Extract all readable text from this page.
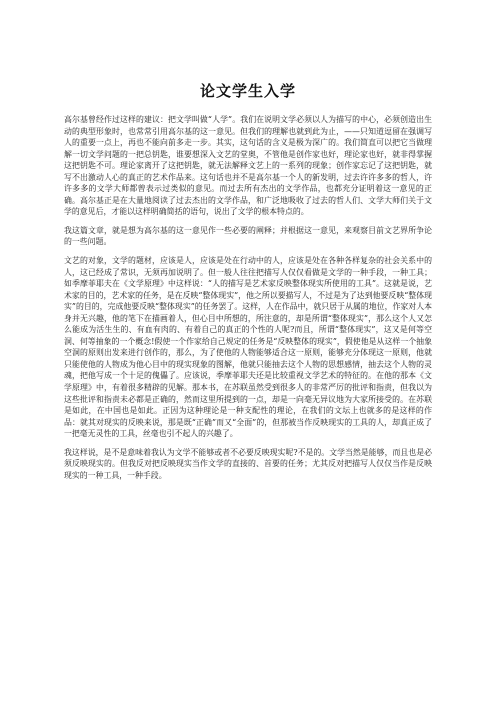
论文学生入学

高尔基曾经作过这样的建议：把文学叫做“人学”。我们在说明文学必须以人为描写的中心，必须创造出生动的典型形象时，也常常引用高尔基的这一意见。但我们的理解也就到此为止，——只知道逗留在强调写人的重要一点上，再也不能向前多走一步。其实，这句话的含义是极为深广的。我们简直可以把它当做理解一切文学问题的一把总钥匙，谁要想深入文艺的堂奥，不管他是创作家也好，理论家也好，就非得掌握这把钥匙不可。理论家离开了这把钥匙，就无法解释文艺上的一系列的现象；创作家忘记了这把钥匙，就写不出激动人心的真正的艺术作品来。这句话也并不是高尔基一个人的新发明，过去许许多多的哲人，许许多多的文学大师都曾表示过类似的意见。而过去所有杰出的文学作品，也都充分证明着这一意见的正确。高尔基正是在大量地阅读了过去杰出的文学作品，和广泛地吸收了过去的哲人们、文学大师们关于文学的意见后，才能以这样明确简括的语句，说出了文学的根本特点的。

我这篇文章，就是想为高尔基的这一意见作一些必要的阐释；并根据这一意见，来观察目前文艺界所争论的一些问题。

文艺的对象，文学的题材，应该是人，应该是处在行动中的人，应该是处在各种各样复杂的社会关系中的人，这已经成了常识，无须再加说明了。但一般人往往把描写人仅仅看做是文学的一种手段，一种工具；如季摩菲耶夫在《文学原理》中这样说：“人的描写是艺术家反映整体现实所使用的工具”。这就是说，艺术家的目的，艺术家的任务，是在反映“整体现实”，他之所以要描写人，不过是为了达到他要反映“整体现实”的目的，完成他要反映“整体现实”的任务罢了。这样，人在作品中，就只居于从属的地位，作家对人本身并无兴趣，他的笔下在描画着人，但心目中所想的，所注意的，却是所谓“整体现实”，那么这个人又怎么能成为活生生的、有血有肉的、有着自己的真正的个性的人呢?而且，所谓“整体现实”，这又是何等空洞、何等抽象的一个概念!假使一个作家给自己规定的任务是“反映整体的现实”，假使他是从这样一个抽象空洞的原则出发来进行创作的，那么，为了使他的人物能够适合这一原则，能够充分体现这一原则，他就只能使他的人物成为他心目中的现实现象的图解，他就只能抽去这个人物的思想感情，抽去这个人物的灵魂，把他写成一个十足的傀儡了。应该说，季摩菲耶夫还是比较重视文学艺术的特征的。在他的那本《文学原理》中，有着很多精辟的见解。那本书，在苏联虽然受到很多人的非常严厉的批评和指责，但我以为这些批评和指责未必都是正确的，然而这里所提到的一点，却是一向毫无异议地为大家所接受的。在苏联是如此，在中国也是如此。正因为这种理论是一种支配性的理论，在我们的文坛上也就多的是这样的作品：就其对现实的反映来说，那是既“正确”而又“全面”的，但那被当作反映现实的工具的人，却真正成了一把毫无灵性的工具，丝毫也引不起人的兴趣了。

我这样说，是不是意味着我认为文学不能够或者不必要反映现实呢?不是的。文学当然是能够，而且也是必须反映现实的。但我反对把反映现实当作文学的直接的、首要的任务；尤其反对把描写人仅仅当作是反映现实的一种工具，一种手段。
